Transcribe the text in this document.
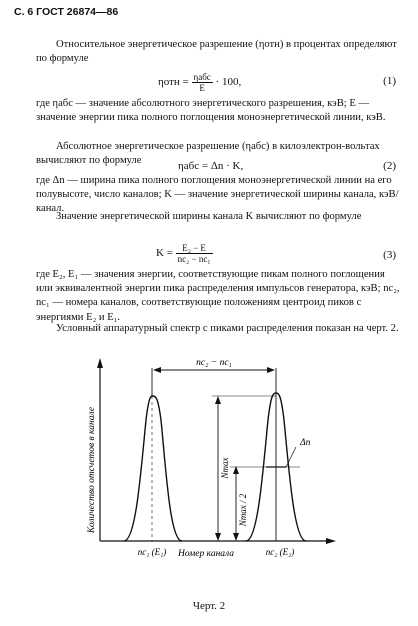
С. 6 ГОСТ 26874—86
Относительное энергетическое разрешение (ηотн) в процентах определяют по формуле
$\eta отн = \frac{\text{ηабс}}{E} \cdot 100$,	(1)
где ηабс — значение абсолютного энергетического разрешения, кэВ; E — значение энергии пика полного поглощения моноэнергетической линии, кэВ.
Абсолютное энергетическое разрешение (ηабс) в килоэлектрон-вольтах вычисляют по формуле	ηабс = Δn · K,	(2)
где Δn — ширина пика полного поглощения моноэнергетической линии на его полувысоте, число каналов; K — значение энергетической ширины канала, кэВ/канал.
Значение энергетической ширины канала K вычисляют по формуле
$K = \frac{\text{E₂ − E}}{\text{nc₂ − nc₁}}$	(3)
где E₂, E₁ — значения энергии, соответствующие пикам полного поглощения или эквивалентной энергии пика распределения импульсов генератора, кэВ; nc₂, nc₁ — номера каналов, соответствующие положениям центроид пиков с энергиями E₂ и E₁.
Условный аппаратурный спектр с пиками распределения показан на черт. 2.
Количество отсчетов в канале
Номер канала
nc₁ (E₁)	nc₂ (E₂)
nc₂ − nc₁
Nmax
Nmax / 2
Δn
Черт. 2
